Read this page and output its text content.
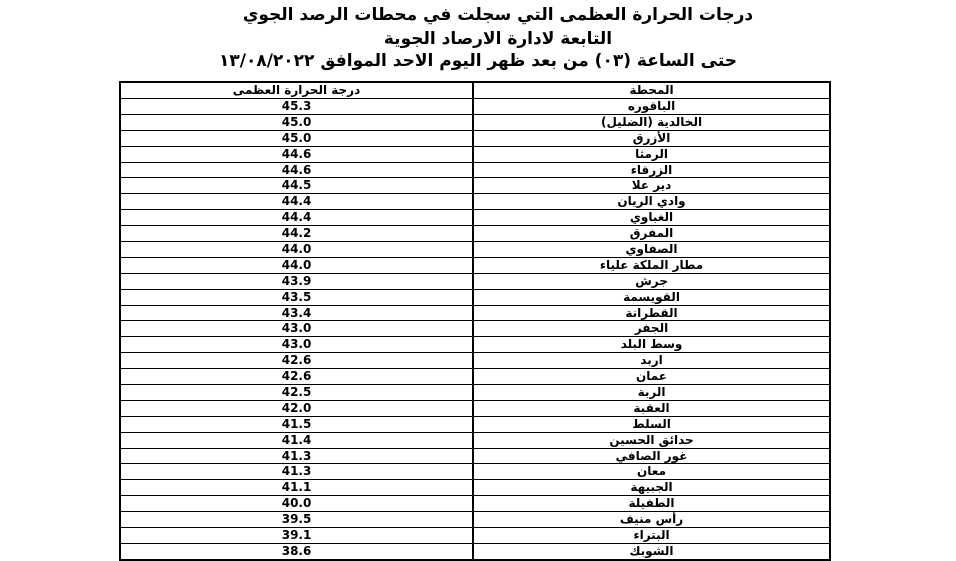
درجات الحرارة العظمى التي سجلت في محطات الرصد الجوي
التابعة لادارة الارصاد الجوية
حتى الساعة (٠٣) من بعد ظهر اليوم الاحد الموافق ١٣/٠٨/٢٠٢٢
درجة الحرارة العظمى	المحطة
45.3	الباقوره
45.0	الخالدية (الضليل)
45.0	الأزرق
44.6	الرمثا
44.6	الزرقاء
44.5	دير علا
44.4	وادي الريان
44.4	الغباوي
44.2	المفرق
44.0	الصفاوي
44.0	مطار الملكة علياء
43.9	جرش
43.5	القويسمة
43.4	القطرانة
43.0	الجفر
43.0	وسط البلد
42.6	اربد
42.6	عمان
42.5	الربة
42.0	العقبة
41.5	السلط
41.4	حدائق الحسين
41.3	غور الصافي
41.3	معان
41.1	الجبيهة
40.0	الطفيلة
39.5	رأس منيف
39.1	البتراء
38.6	الشوبك
